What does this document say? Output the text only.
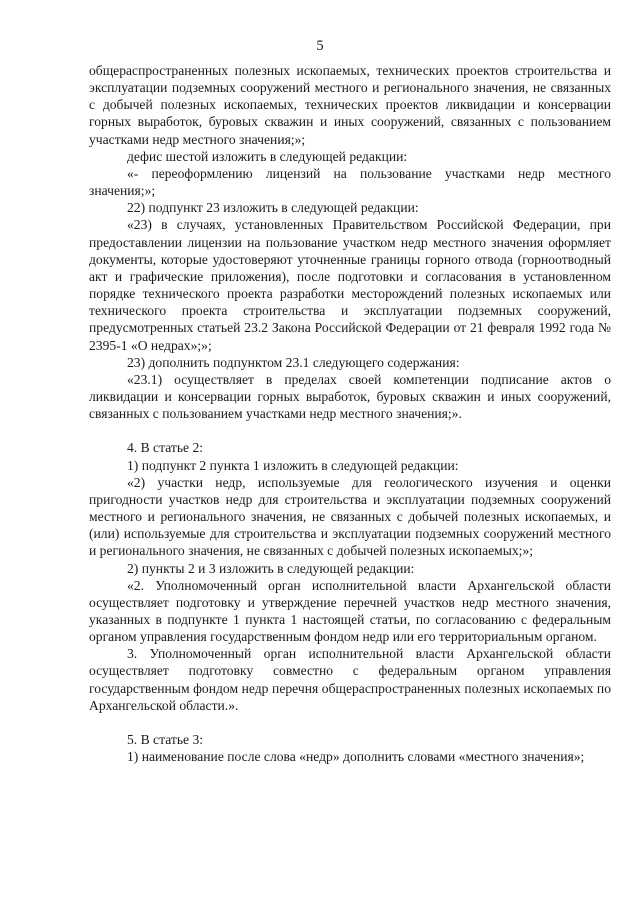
5

общераспространенных полезных ископаемых, технических проектов строительства и эксплуатации подземных сооружений местного и регионального значения, не связанных с добычей полезных ископаемых, технических проектов ликвидации и консервации горных выработок, буровых скважин и иных сооружений, связанных с пользованием участками недр местного значения;»;

дефис шестой изложить в следующей редакции:

«- переоформлению лицензий на пользование участками недр местного значения;»;

22) подпункт 23 изложить в следующей редакции:

«23) в случаях, установленных Правительством Российской Федерации, при предоставлении лицензии на пользование участком недр местного значения оформляет документы, которые удостоверяют уточненные границы горного отвода (горноотводный акт и графические приложения), после подготовки и согласования в установленном порядке технического проекта разработки месторождений полезных ископаемых или технического проекта строительства и эксплуатации подземных сооружений, предусмотренных статьей 23.2 Закона Российской Федерации от 21 февраля 1992 года № 2395-1 «О недрах»;»;

23) дополнить подпунктом 23.1 следующего содержания:

«23.1) осуществляет в пределах своей компетенции подписание актов о ликвидации и консервации горных выработок, буровых скважин и иных сооружений, связанных с пользованием участками недр местного значения;».

4. В статье 2:

1) подпункт 2 пункта 1 изложить в следующей редакции:

«2) участки недр, используемые для геологического изучения и оценки пригодности участков недр для строительства и эксплуатации подземных сооружений местного и регионального значения, не связанных с добычей полезных ископаемых, и (или) используемые для строительства и эксплуатации подземных сооружений местного и регионального значения, не связанных с добычей полезных ископаемых;»;

2) пункты 2 и 3 изложить в следующей редакции:

«2. Уполномоченный орган исполнительной власти Архангельской области осуществляет подготовку и утверждение перечней участков недр местного значения, указанных в подпункте 1 пункта 1 настоящей статьи, по согласованию с федеральным органом управления государственным фондом недр или его территориальным органом.

3. Уполномоченный орган исполнительной власти Архангельской области осуществляет подготовку совместно с федеральным органом управления государственным фондом недр перечня общераспространенных полезных ископаемых по Архангельской области.».

5. В статье 3:

1) наименование после слова «недр» дополнить словами «местного значения»;
